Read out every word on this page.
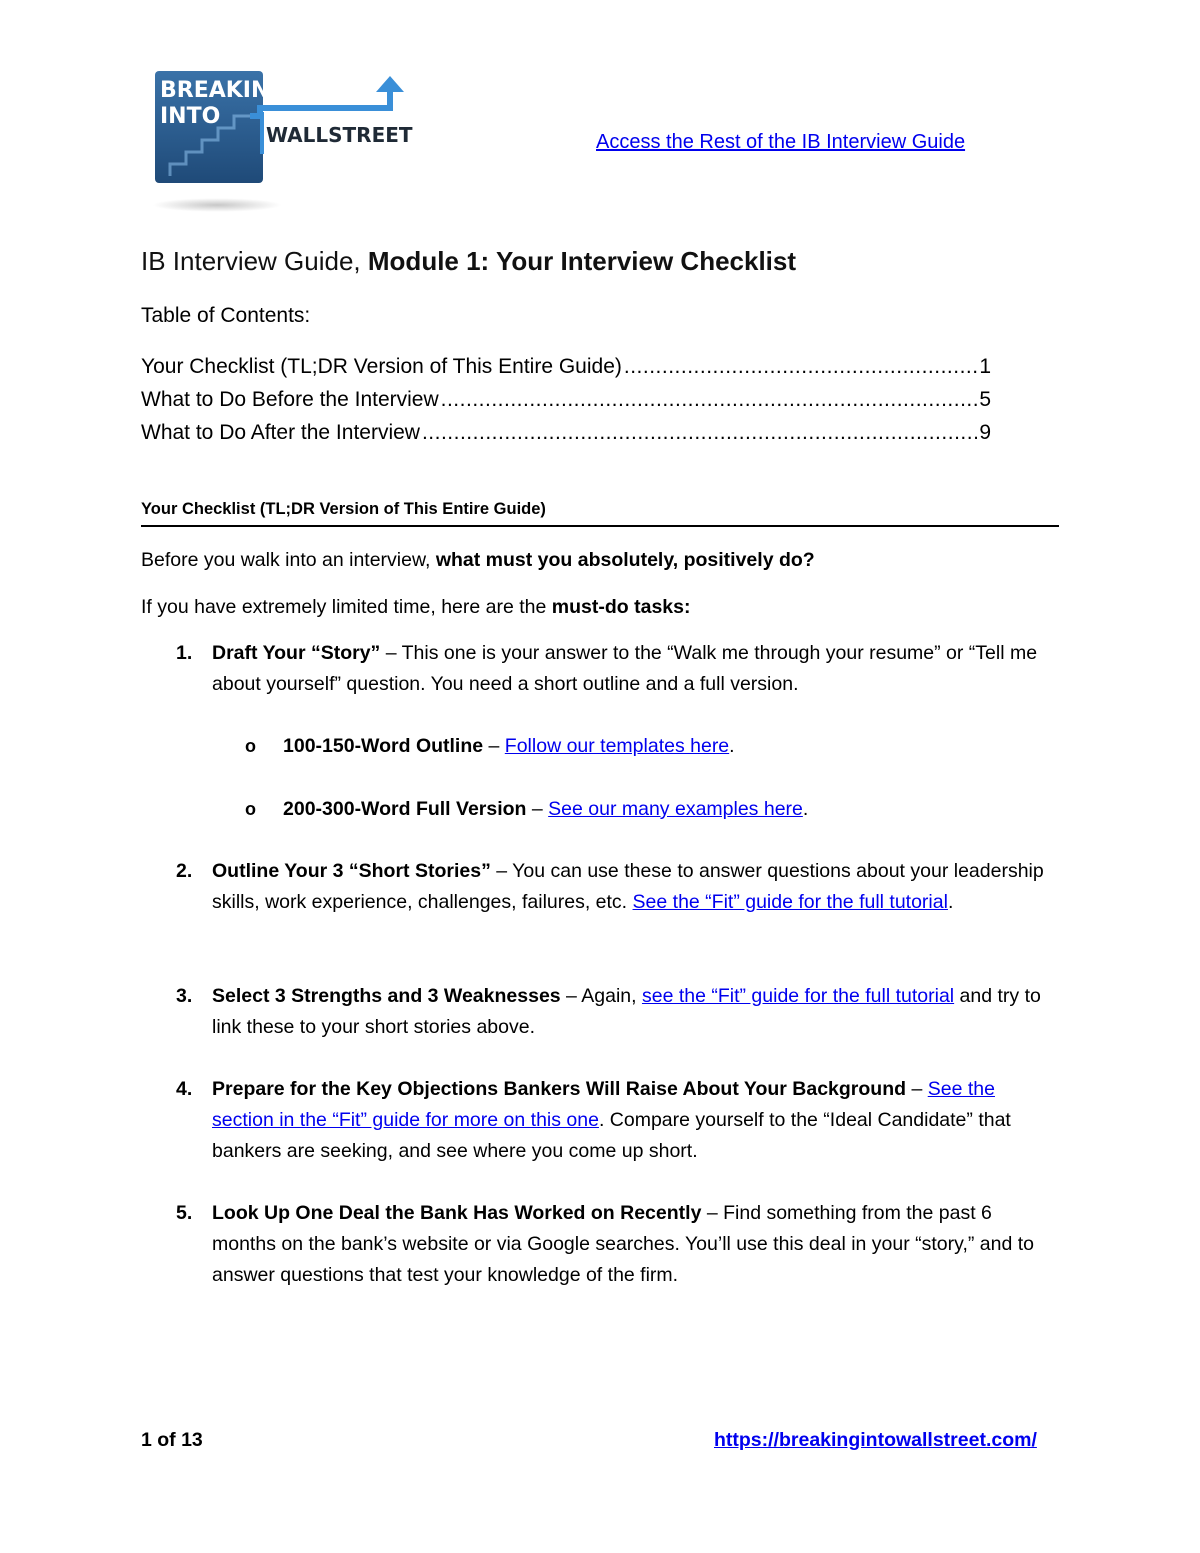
BREAKING
INTO
WALLSTREET	Access the Rest of the IB Interview Guide
IB Interview Guide, Module 1: Your Interview Checklist

Table of Contents:

Your Checklist (TL;DR Version of This Entire Guide) .....	1
What to Do Before the Interview .....	5
What to Do After the Interview .....	9
Your Checklist (TL;DR Version of This Entire Guide)

Before you walk into an interview, what must you absolutely, positively do?

If you have extremely limited time, here are the must-do tasks:

1. Draft Your “Story” – This one is your answer to the “Walk me through your resume” or “Tell me about yourself” question. You need a short outline and a full version.
o 100-150-Word Outline – Follow our templates here.
o 200-300-Word Full Version – See our many examples here.
2. Outline Your 3 “Short Stories” – You can use these to answer questions about your leadership skills, work experience, challenges, failures, etc. See the “Fit” guide for the full tutorial.
3. Select 3 Strengths and 3 Weaknesses – Again, see the “Fit” guide for the full tutorial and try to link these to your short stories above.
4. Prepare for the Key Objections Bankers Will Raise About Your Background – See the section in the “Fit” guide for more on this one. Compare yourself to the “Ideal Candidate” that bankers are seeking, and see where you come up short.
5. Look Up One Deal the Bank Has Worked on Recently – Find something from the past 6 months on the bank’s website or via Google searches. You’ll use this deal in your “story,” and to answer questions that test your knowledge of the firm.
1 of 13	https://breakingintowallstreet.com/
